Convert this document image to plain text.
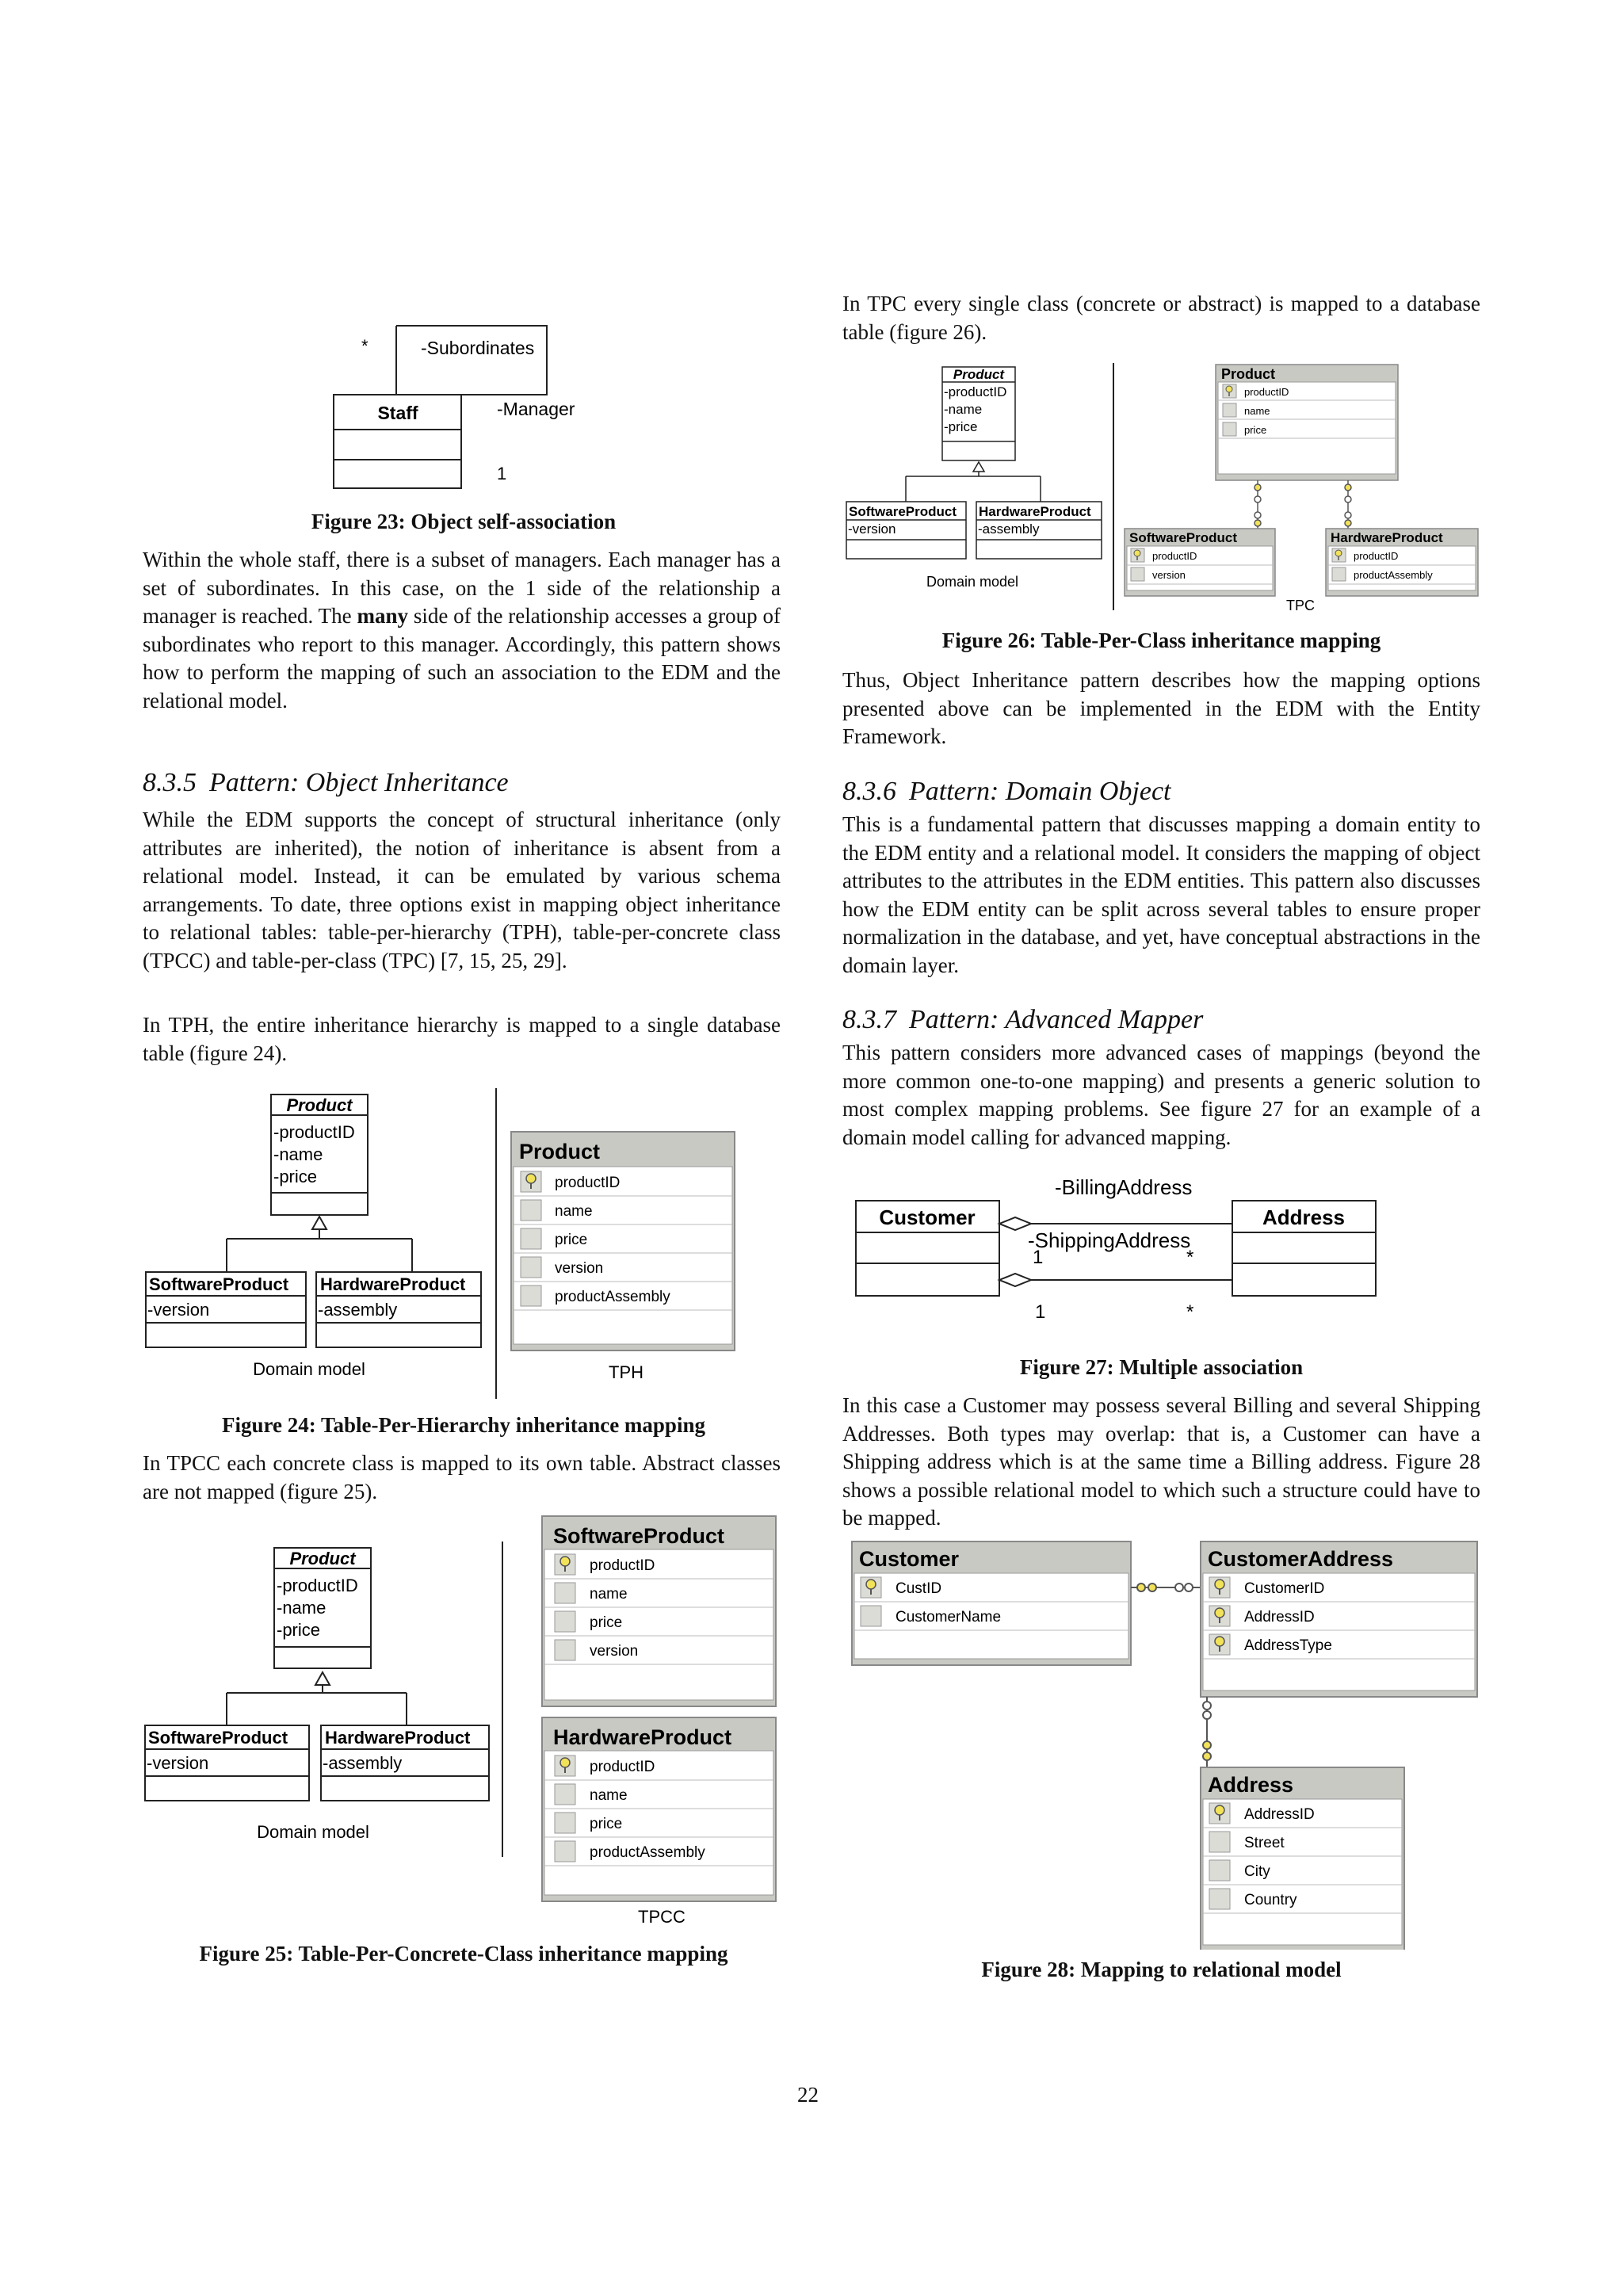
*	-Subordinates
-Manager
1
Staff
Figure 23: Object self-association
Within the whole staff, there is a subset of managers. Each manager has a set of subordinates. In this case, on the 1 side of the relationship a manager is reached. The many side of the relationship accesses a group of subordinates who report to this manager. Accordingly, this pattern shows how to perform the mapping of such an association to the EDM and the relational model.
8.3.5 Pattern: Object Inheritance
While the EDM supports the concept of structural inheritance (only attributes are inherited), the notion of inheritance is absent from a relational model. Instead, it can be emulated by various schema arrangements. To date, three options exist in mapping object inheritance to relational tables: table-per-hierarchy (TPH), table-per-concrete class (TPCC) and table-per-class (TPC) [7, 15, 25, 29].
In TPH, the entire inheritance hierarchy is mapped to a single database table (figure 24).
Product
-productID
-name
-price
SoftwareProduct
-version
HardwareProduct
-assembly
Domain model
Product
productID
name
price
version
productAssembly
TPH
Figure 24: Table-Per-Hierarchy inheritance mapping
In TPCC each concrete class is mapped to its own table. Abstract classes are not mapped (figure 25).
Product
-productID
-name
-price
SoftwareProduct
-version
HardwareProduct
-assembly
Domain model
SoftwareProduct
productID
name
price
version
HardwareProduct
productID
name
price
productAssembly
TPCC
Figure 25: Table-Per-Concrete-Class inheritance mapping
In TPC every single class (concrete or abstract) is mapped to a database table (figure 26).
Product
-productID
-name
-price
SoftwareProduct
-version
HardwareProduct
-assembly
Domain model
Product
productID
name
price
SoftwareProduct
productID
version
HardwareProduct
productID
productAssembly
TPC
Figure 26: Table-Per-Class inheritance mapping
Thus, Object Inheritance pattern describes how the mapping options presented above can be implemented in the EDM with the Entity Framework.
8.3.6 Pattern: Domain Object
This is a fundamental pattern that discusses mapping a domain entity to the EDM entity and a relational model. It considers the mapping of object attributes to the attributes in the EDM entities. This pattern also discusses how the EDM entity can be split across several tables to ensure proper normalization in the database, and yet, have conceptual abstractions in the domain layer.
8.3.7 Pattern: Advanced Mapper
This pattern considers more advanced cases of mappings (beyond the more common one-to-one mapping) and presents a generic solution to most complex mapping problems. See figure 27 for an example of a domain model calling for advanced mapping.
Customer	Address
-BillingAddress
-ShippingAddress
1	*
1	*
Figure 27: Multiple association
In this case a Customer may possess several Billing and several Shipping Addresses. Both types may overlap: that is, a Customer can have a Shipping address which is at the same time a Billing address. Figure 28 shows a possible relational model to which such a structure could have to be mapped.
Customer
CustID
CustomerName
CustomerAddress
CustomerID
AddressID
AddressType
Address
AddressID
Street
City
Country
Figure 28: Mapping to relational model
22
